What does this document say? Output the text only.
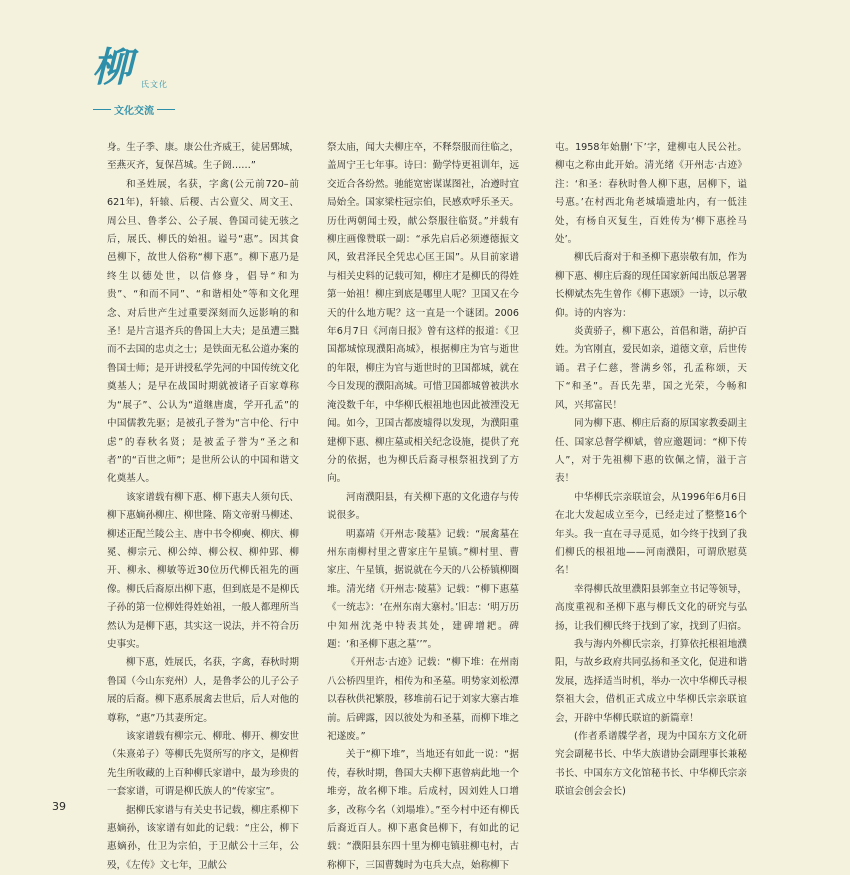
柳 氏文化
文化交流

身。生子季、康。康公仕齐威王，徒居鄄城，至燕灭齐，复保莒城。生子阏……”

和圣姓展，名获，字禽(公元前720–前621年)，轩辕、后稷、古公亶父、周文王、周公旦、鲁孝公、公子展、鲁国司徒无骇之后，展氏、柳氏的始祖。谥号“惠”。因其食邑柳下，故世人俗称“柳下惠”。柳下惠乃是终生以德处世，以信修身，倡导“和为贵”、“和而不同”、“和谐相处”等和文化理念、对后世产生过重要深刻而久远影响的和圣！是片言退齐兵的鲁国上大夫；是虽遭三黜而不去国的忠贞之士；是铁面无私公道办案的鲁国士师；是开讲授私学先河的中国传统文化奠基人；是早在战国时期就被诸子百家尊称为“展子”、公认为“道继唐虞，学开孔孟”的中国儒教先驱；是被孔子誉为“言中伦、行中虑”的春秋名贤；是被孟子誉为“圣之和者”的“百世之师”；是世所公认的中国和谐文化奠基人。

该家谱载有柳下惠、柳下惠夫人须句氏、柳下惠嫡孙柳庄、柳世隆、隋文帝驸马柳述、柳述正配兰陵公主、唐中书令柳奭、柳庆、柳冕、柳宗元、柳公绰、柳公权、柳仲郢、柳开、柳永、柳敏等近30位历代柳氏祖先的画像。柳氏后裔原出柳下惠，但到底是不是柳氏子孙的第一位柳姓得姓始祖，一般人都理所当然认为是柳下惠，其实这一说法，并不符合历史事实。

柳下惠，姓展氏，名获，字禽，春秋时期鲁国（今山东兖州）人，是鲁孝公的儿子公子展的后裔。柳下惠系展禽去世后，后人对他的尊称，“惠”乃其妻所定。

该家谱载有柳宗元、柳玭、柳开、柳安世（朱熹弟子）等柳氏先贤所写的序文，是柳哲先生所收藏的上百种柳氏家谱中，最为珍贵的一套家谱，可谓是柳氏族人的“传家宝”。

据柳氏家谱与有关史书记载，柳庄系柳下惠嫡孙，该家谱有如此的记载：“庄公，柳下惠嫡孙，仕卫为宗伯，于卫献公十三年，公殁，《左传》文七年，卫献公

祭太庙，闻大夫柳庄卒，不释祭服而往临之，盖周宁王七年事。诗曰：勤学恃更祖训年，远交近合各纷然。驰能宽密谋谋图社，冶遵时宜局始全。国家梁柱冠宗伯，民感欢呼乐圣天。历仕两朝闻士殁，献公祭服往临贤。”并载有柳庄画像赞联一副：“承先启后必须遵德振文风，致君泽民全凭忠心匡王国”。从目前家谱与相关史料的记载可知，柳庄才是柳氏的得姓第一始祖！柳庄到底是哪里人呢？卫国又在今天的什么地方呢？这一直是一个谜团。2006年6月7日《河南日报》曾有这样的报道：《卫国都城惊现濮阳高城》，根据柳庄为官与逝世的年限，柳庄为官与逝世时的卫国都城，就在今日发现的濮阳高城。可惜卫国都城曾被洪水淹没数千年，中华柳氏根祖地也因此被湮没无闻。如今，卫国古都废墟得以发现，为濮阳重建柳下惠、柳庄墓或相关纪念设施，提供了充分的依据，也为柳氏后裔寻根祭祖找到了方向。

河南濮阳县，有关柳下惠的文化遗存与传说很多。

明嘉靖《开州志·陵墓》记载：“展禽墓在州东南柳村里之曹家庄午星镇。”柳村里、曹家庄、午星镇，据说就在今天的八公桥镇柳圈堆。清光绪《开州志·陵墓》记载：“柳下惠墓《一统志》：‘在州东南大寨村。’旧志：‘明万历中知州沈尧中特表其处，建碑增耙。碑题：‘和圣柳下惠之墓’’”。

《开州志·古迹》记载：“柳下堆：在州南八公桥四里许，相传为和圣墓。明势家刘松潭以春秋供祀繁殷，移堆前石记于刘家大寨古堆前。后碑露，因以彼处为和圣墓，而柳下堆之祀遂废。”

关于“柳下堆”，当地还有如此一说：“据传，春秋时期，鲁国大夫柳下惠曾病此地一个堆旁，故名柳下堆。后成村，因刘姓人口增多，改称今名（刘塌堆）。”至今村中还有柳氏后裔近百人。柳下惠食邑柳下，有如此的记载：“濮阳县东四十里为柳屯镇驻柳屯村，古称柳下，三国曹魏时为屯兵大点，始称柳下

屯。1958年始删‘下’字，建柳屯人民公社。柳屯之称由此开始。清光绪《开州志·古迹》注：‘和圣：春秋时鲁人柳下惠，居柳下，谥号惠。’在村西北角老城墙遗址内，有一低洼处，有杨自灭复生，百姓传为‘柳下惠拴马处’。

柳氏后裔对于和圣柳下惠崇敬有加，作为柳下惠、柳庄后裔的现任国家新闻出版总署署长柳斌杰先生曾作《柳下惠颂》一诗，以示敬仰。诗的内容为：

炎黄骄子，柳下惠公，首倡和谐，葫护百姓。为官刚直，爱民如亲，道德文章，后世传诵。君子仁慈，誉满乡邻，孔孟称颂，天下“和圣”。吾氏先辈，国之光荣，今畅和风，兴邦富民！

同为柳下惠、柳庄后裔的原国家教委副主任、国家总督学柳斌，曾应邀题词：“柳下传人”，对于先祖柳下惠的钦佩之情，溢于言表！

中华柳氏宗亲联谊会，从1996年6月6日在北大发起成立至今，已经走过了整整16个年头。我一直在寻寻觅觅，如今终于找到了我们柳氏的根祖地——河南濮阳，可谓欣慰莫名！

幸得柳氏故里濮阳县郭奎立书记等领导，高度重视和圣柳下惠与柳氏文化的研究与弘扬，让我们柳氏终于找到了家，找到了归宿。

我与海内外柳氏宗亲，打算依托根祖地濮阳，与故乡政府共同弘扬和圣文化，促进和谐发展，选择适当时机，举办一次中华柳氏寻根祭祖大会，借机正式成立中华柳氏宗亲联谊会，开辟中华柳氏联谊的新篇章！

(作者系谱牒学者，现为中国东方文化研究会副秘书长、中华大族谱协会副理事长兼秘书长、中国东方文化馆秘书长、中华柳氏宗亲联谊会创会会长)

39
